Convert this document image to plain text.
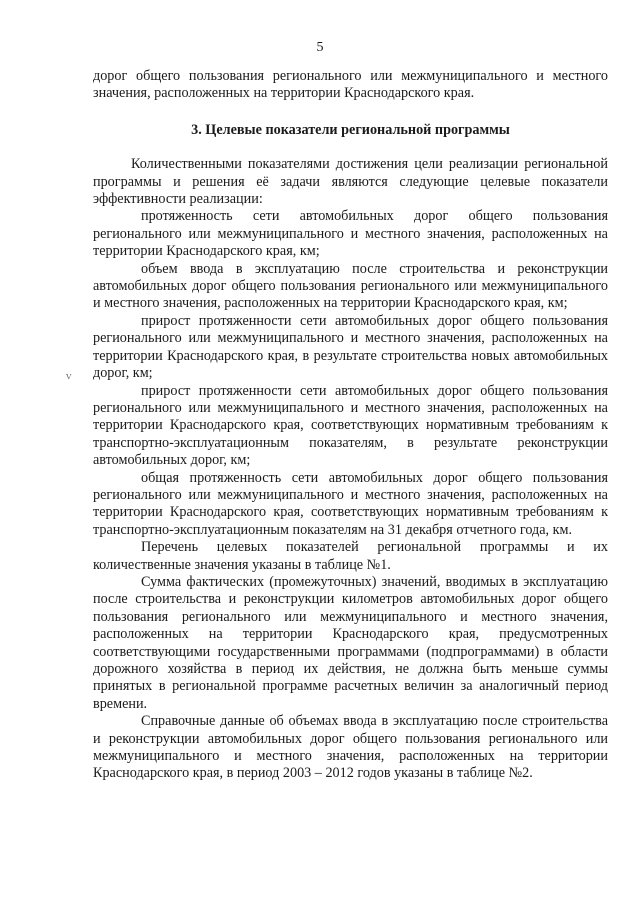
5
ⱽ

дорог общего пользования регионального или межмуниципального и местного значения, расположенных на территории Краснодарского края.

3. Целевые показатели региональной программы

Количественными показателями достижения цели реализации региональной программы и решения её задачи являются следующие целевые показатели эффективности реализации:

протяженность сети автомобильных дорог общего пользования регионального или межмуниципального и местного значения, расположенных на территории Краснодарского края, км;

объем ввода в эксплуатацию после строительства и реконструкции автомобильных дорог общего пользования регионального или межмуниципального и местного значения, расположенных на территории Краснодарского края, км;

прирост протяженности сети автомобильных дорог общего пользования регионального или межмуниципального и местного значения, расположенных на территории Краснодарского края, в результате строительства новых автомобильных дорог, км;

прирост протяженности сети автомобильных дорог общего пользования регионального или межмуниципального и местного значения, расположенных на территории Краснодарского края, соответствующих нормативным требованиям к транспортно-эксплуатационным показателям, в результате реконструкции автомобильных дорог, км;

общая протяженность сети автомобильных дорог общего пользования регионального или межмуниципального и местного значения, расположенных на территории Краснодарского края, соответствующих нормативным требованиям к транспортно-эксплуатационным показателям на 31 декабря отчетного года, км.

Перечень целевых показателей региональной программы и их количественные значения указаны в таблице №1.

Сумма фактических (промежуточных) значений, вводимых в эксплуатацию после строительства и реконструкции километров автомобильных дорог общего пользования регионального или межмуниципального и местного значения, расположенных на территории Краснодарского края, предусмотренных соответствующими государственными программами (подпрограммами) в области дорожного хозяйства в период их действия, не должна быть меньше суммы принятых в региональной программе расчетных величин за аналогичный период времени.

Справочные данные об объемах ввода в эксплуатацию после строительства и реконструкции автомобильных дорог общего пользования регионального или межмуниципального и местного значения, расположенных на территории Краснодарского края, в период 2003 – 2012 годов указаны в таблице №2.
